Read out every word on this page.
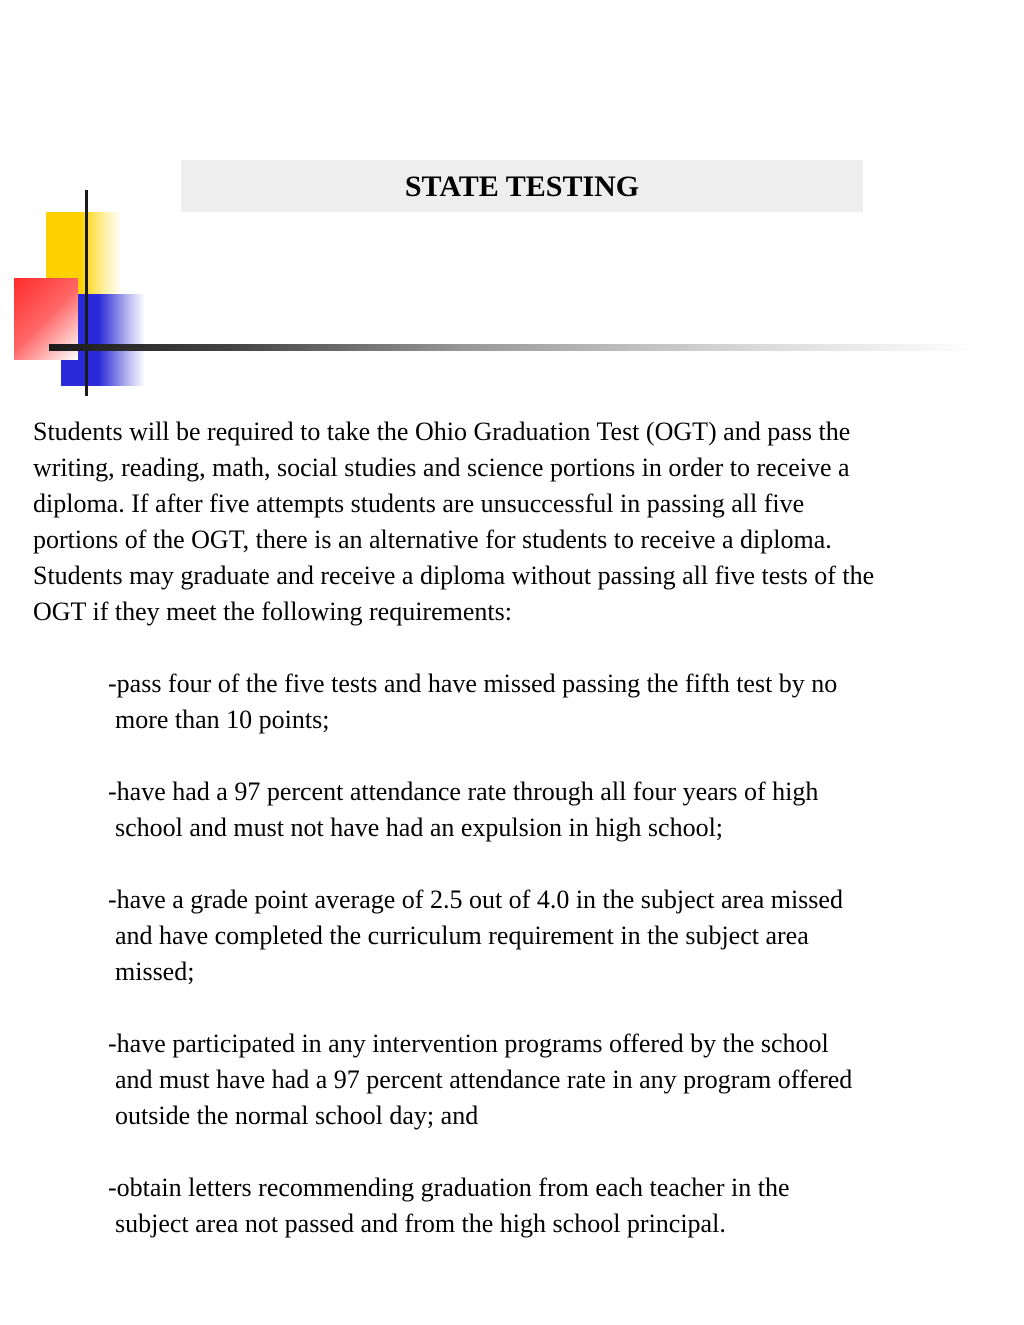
STATE TESTING
Students will be required to take the Ohio Graduation Test (OGT) and pass the
writing, reading, math, social studies and science portions in order to receive a
diploma. If after five attempts students are unsuccessful in passing all five
portions of the OGT, there is an alternative for students to receive a diploma.
Students may graduate and receive a diploma without passing all five tests of the
OGT if they meet the following requirements:
-pass four of the five tests and have missed passing the fifth test by no
more than 10 points;
-have had a 97 percent attendance rate through all four years of high
school and must not have had an expulsion in high school;
-have a grade point average of 2.5 out of 4.0 in the subject area missed
and have completed the curriculum requirement in the subject area
missed;
-have participated in any intervention programs offered by the school
and must have had a 97 percent attendance rate in any program offered
outside the normal school day; and
-obtain letters recommending graduation from each teacher in the
subject area not passed and from the high school principal.
